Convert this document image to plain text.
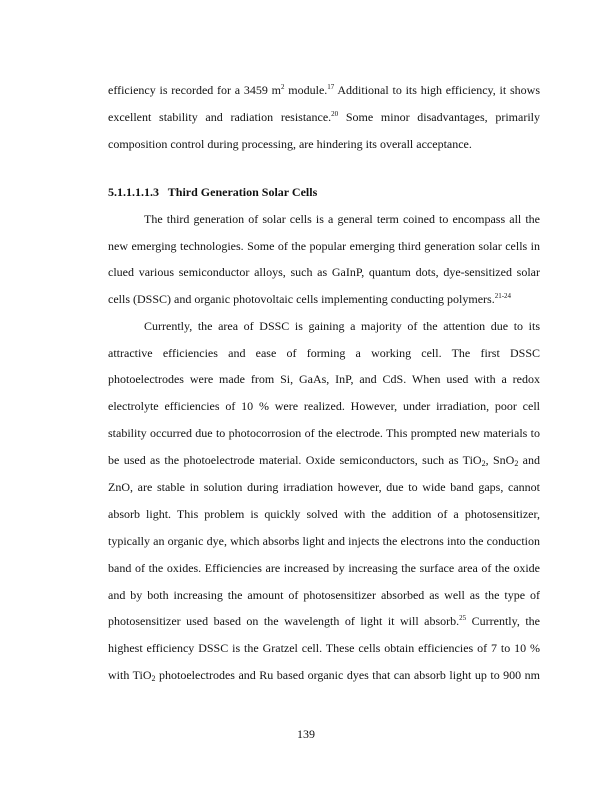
efficiency is recorded for a 3459 $m^2$ module.$^{17}$ Additional to its high efficiency, it shows
excellent stability and radiation resistance.$^{20}$ Some minor disadvantages, primarily
composition control during processing, are hindering its overall acceptance.
5.1.1.1.1.3 Third Generation Solar Cells
The third generation of solar cells is a general term coined to encompass all the
new emerging technologies. Some of the popular emerging third generation solar cells in
clued various semiconductor alloys, such as GaInP, quantum dots, dye-sensitized solar
cells (DSSC) and organic photovoltaic cells implementing conducting polymers.$^{21-24}$
Currently, the area of DSSC is gaining a majority of the attention due to its
attractive efficiencies and ease of forming a working cell. The first DSSC
photoelectrodes were made from Si, GaAs, InP, and CdS. When used with a redox
electrolyte efficiencies of 10 % were realized. However, under irradiation, poor cell
stability occurred due to photocorrosion of the electrode. This prompted new materials to
be used as the photoelectrode material. Oxide semiconductors, such as TiO$_2$, SnO$_2$ and
ZnO, are stable in solution during irradiation however, due to wide band gaps, cannot
absorb light. This problem is quickly solved with the addition of a photosensitizer,
typically an organic dye, which absorbs light and injects the electrons into the conduction
band of the oxides. Efficiencies are increased by increasing the surface area of the oxide
and by both increasing the amount of photosensitizer absorbed as well as the type of
photosensitizer used based on the wavelength of light it will absorb.$^{25}$ Currently, the
highest efficiency DSSC is the Gratzel cell. These cells obtain efficiencies of 7 to 10 %
with TiO$_2$ photoelectrodes and Ru based organic dyes that can absorb light up to 900 nm
139
